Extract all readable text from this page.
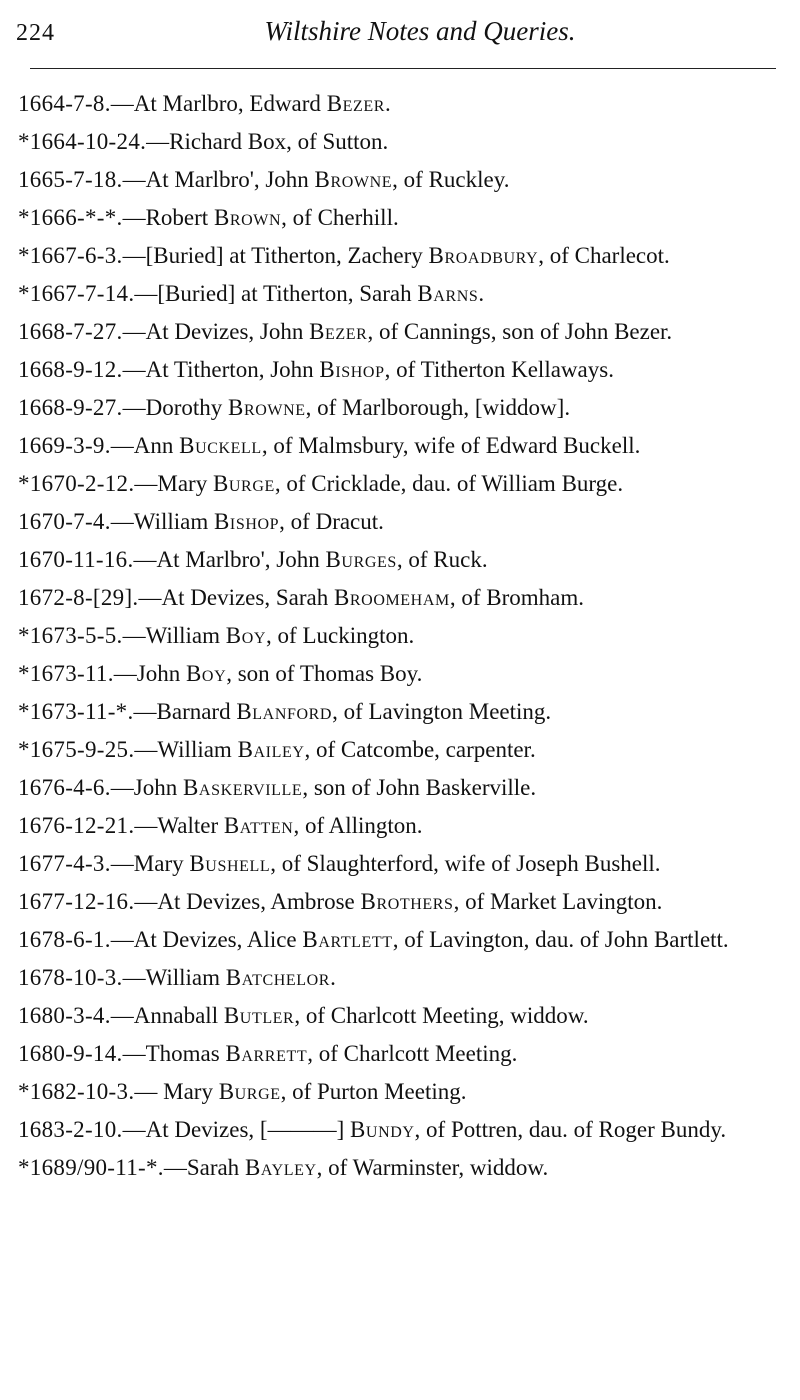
224	Wiltshire Notes and Queries.
1664-7-8.—At Marlbro, Edward Bezer.
*1664-10-24.—Richard Box, of Sutton.
1665-7-18.—At Marlbro', John Browne, of Ruckley.
*1666-*-*.—Robert Brown, of Cherhill.
*1667-6-3.—[Buried] at Titherton, Zachery Broadbury, of Charlecot.
*1667-7-14.—[Buried] at Titherton, Sarah Barns.
1668-7-27.—At Devizes, John Bezer, of Cannings, son of John Bezer.
1668-9-12.—At Titherton, John Bishop, of Titherton Kellaways.
1668-9-27.—Dorothy Browne, of Marlborough, [widdow].
1669-3-9.—Ann Buckell, of Malmsbury, wife of Edward Buckell.
*1670-2-12.—Mary Burge, of Cricklade, dau. of William Burge.
1670-7-4.—William Bishop, of Dracut.
1670-11-16.—At Marlbro', John Burges, of Ruck.
1672-8-[29].—At Devizes, Sarah Broomeham, of Bromham.
*1673-5-5.—William Boy, of Luckington.
*1673-11.—John Boy, son of Thomas Boy.
*1673-11-*.—Barnard Blanford, of Lavington Meeting.
*1675-9-25.—William Bailey, of Catcombe, carpenter.
1676-4-6.—John Baskerville, son of John Baskerville.
1676-12-21.—Walter Batten, of Allington.
1677-4-3.—Mary Bushell, of Slaughterford, wife of Joseph Bushell.
1677-12-16.—At Devizes, Ambrose Brothers, of Market Lavington.
1678-6-1.—At Devizes, Alice Bartlett, of Lavington, dau. of John Bartlett.
1678-10-3.—William Batchelor.
1680-3-4.—Annaball Butler, of Charlcott Meeting, widdow.
1680-9-14.—Thomas Barrett, of Charlcott Meeting.
*1682-10-3.— Mary Burge, of Purton Meeting.
1683-2-10.—At Devizes, [———] Bundy, of Pottren, dau. of Roger Bundy.
*1689/90-11-*.—Sarah Bayley, of Warminster, widdow.
